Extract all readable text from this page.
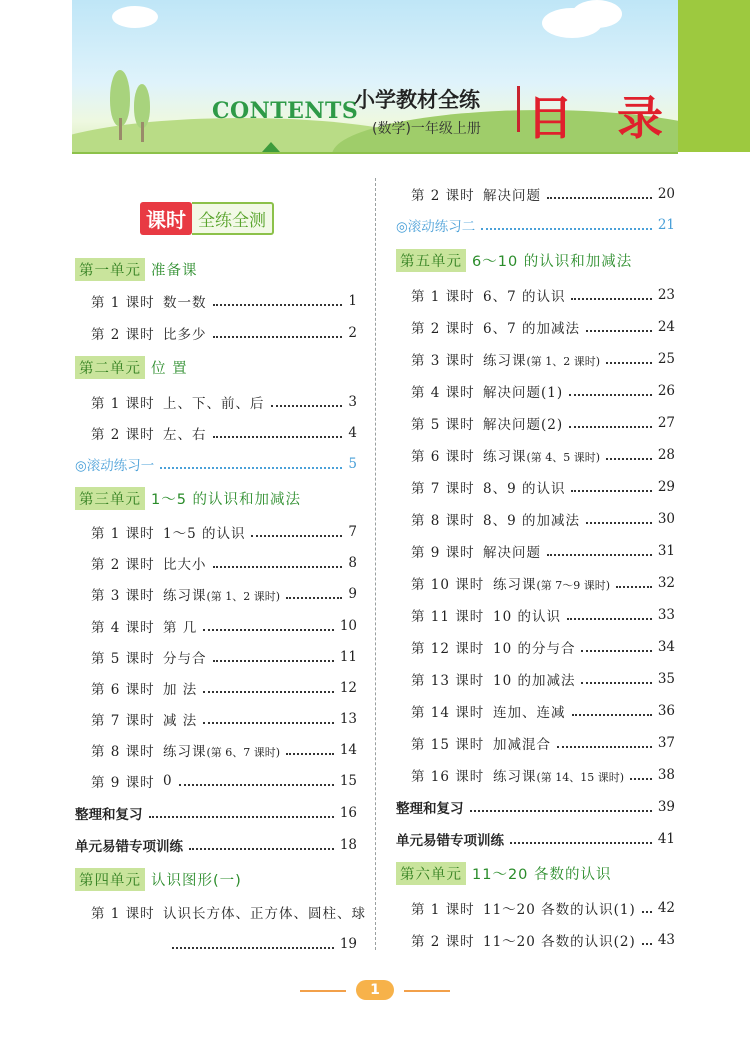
CONTENTS
小学教材全练
(数学)一年级上册 目 录
课时 全练全测
第一单元 准备课
第 1 课时 数一数	1
第 2 课时 比多少	2
第二单元 位 置
第 1 课时 上、下、前、后	3
第 2 课时 左、右	4
◎滚动练习一	5
第三单元 1～5 的认识和加减法
第 1 课时 1～5 的认识	7
第 2 课时 比大小	8
第 3 课时 练习课(第 1、2 课时)	9
第 4 课时 第 几	10
第 5 课时 分与合	11
第 6 课时 加 法	12
第 7 课时 减 法	13
第 8 课时 练习课(第 6、7 课时)	14
第 9 课时 0	15
整理和复习	16
单元易错专项训练	18
第四单元 认识图形(一)
第 1 课时 认识长方体、正方体、圆柱、球
19
第 2 课时 解决问题	20
◎滚动练习二	21
第五单元 6～10 的认识和加减法
第 1 课时 6、7 的认识	23
第 2 课时 6、7 的加减法	24
第 3 课时 练习课(第 1、2 课时)	25
第 4 课时 解决问题(1)	26
第 5 课时 解决问题(2)	27
第 6 课时 练习课(第 4、5 课时)	28
第 7 课时 8、9 的认识	29
第 8 课时 8、9 的加减法	30
第 9 课时 解决问题	31
第 10 课时 练习课(第 7～9 课时)	32
第 11 课时 10 的认识	33
第 12 课时 10 的分与合	34
第 13 课时 10 的加减法	35
第 14 课时 连加、连减	36
第 15 课时 加减混合	37
第 16 课时 练习课(第 14、15 课时) 38
整理和复习	39
单元易错专项训练	41
第六单元 11～20 各数的认识
第 1 课时 11～20 各数的认识(1) 42
第 2 课时 11～20 各数的认识(2) 43
1
